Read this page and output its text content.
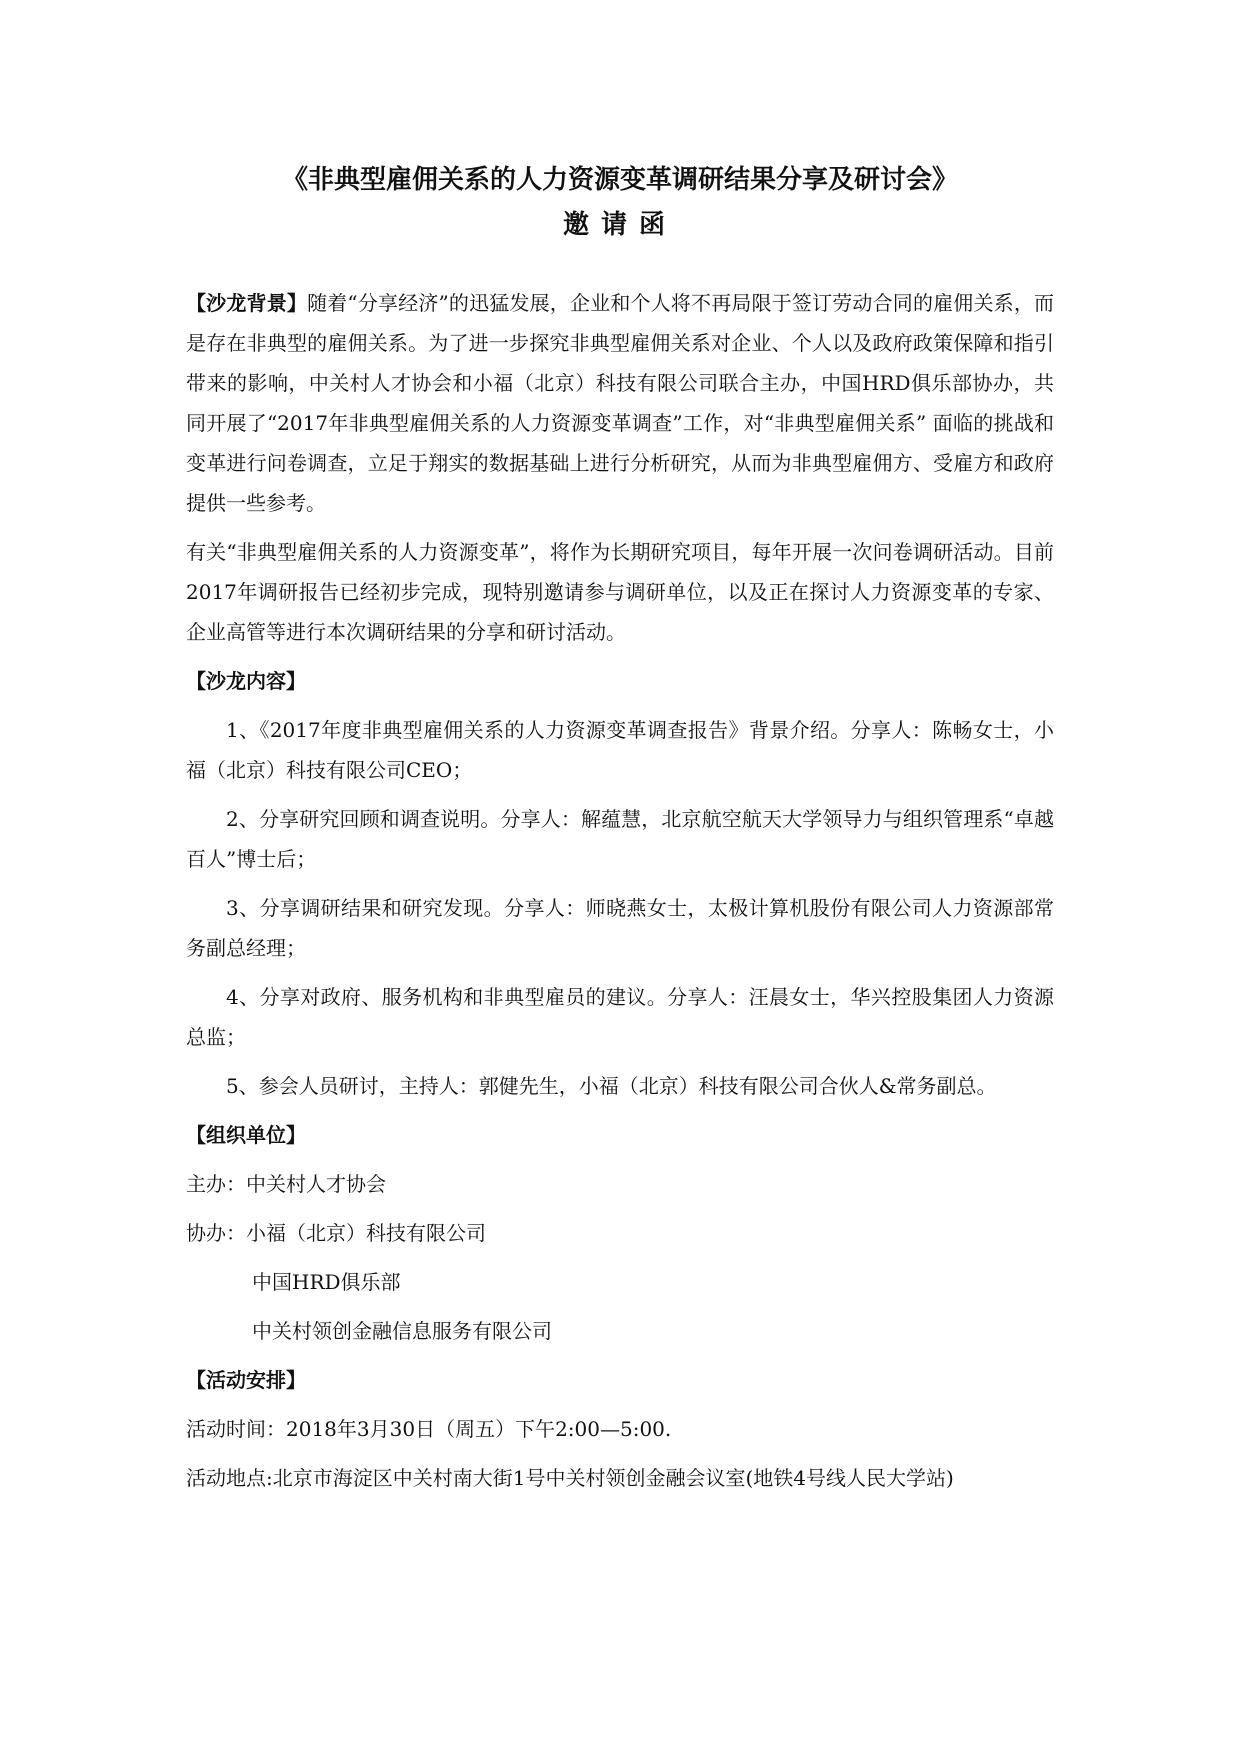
《非典型雇佣关系的人力资源变革调研结果分享及研讨会》
邀请函

【沙龙背景】随着“分享经济”的迅猛发展，企业和个人将不再局限于签订劳动合同的雇佣关系，而是存在非典型的雇佣关系。为了进一步探究非典型雇佣关系对企业、个人以及政府政策保障和指引带来的影响，中关村人才协会和小福（北京）科技有限公司联合主办，中国HRD俱乐部协办，共同开展了“2017年非典型雇佣关系的人力资源变革调查”工作，对“非典型雇佣关系” 面临的挑战和变革进行问卷调查，立足于翔实的数据基础上进行分析研究，从而为非典型雇佣方、受雇方和政府提供一些参考。

有关“非典型雇佣关系的人力资源变革”，将作为长期研究项目，每年开展一次问卷调研活动。目前2017年调研报告已经初步完成，现特别邀请参与调研单位，以及正在探讨人力资源变革的专家、企业高管等进行本次调研结果的分享和研讨活动。

【沙龙内容】

1、《2017年度非典型雇佣关系的人力资源变革调查报告》背景介绍。分享人：陈畅女士，小福（北京）科技有限公司CEO；

2、分享研究回顾和调查说明。分享人：解蕴慧，北京航空航天大学领导力与组织管理系“卓越百人”博士后；

3、分享调研结果和研究发现。分享人：师晓燕女士，太极计算机股份有限公司人力资源部常务副总经理；

4、分享对政府、服务机构和非典型雇员的建议。分享人：汪晨女士，华兴控股集团人力资源总监；

5、参会人员研讨，主持人：郭健先生，小福（北京）科技有限公司合伙人&常务副总。

【组织单位】

主办：中关村人才协会

协办：小福（北京）科技有限公司

中国HRD俱乐部

中关村领创金融信息服务有限公司

【活动安排】

活动时间：2018年3月30日（周五）下午2:00—5:00.

活动地点:北京市海淀区中关村南大街1号中关村领创金融会议室(地铁4号线人民大学站)
